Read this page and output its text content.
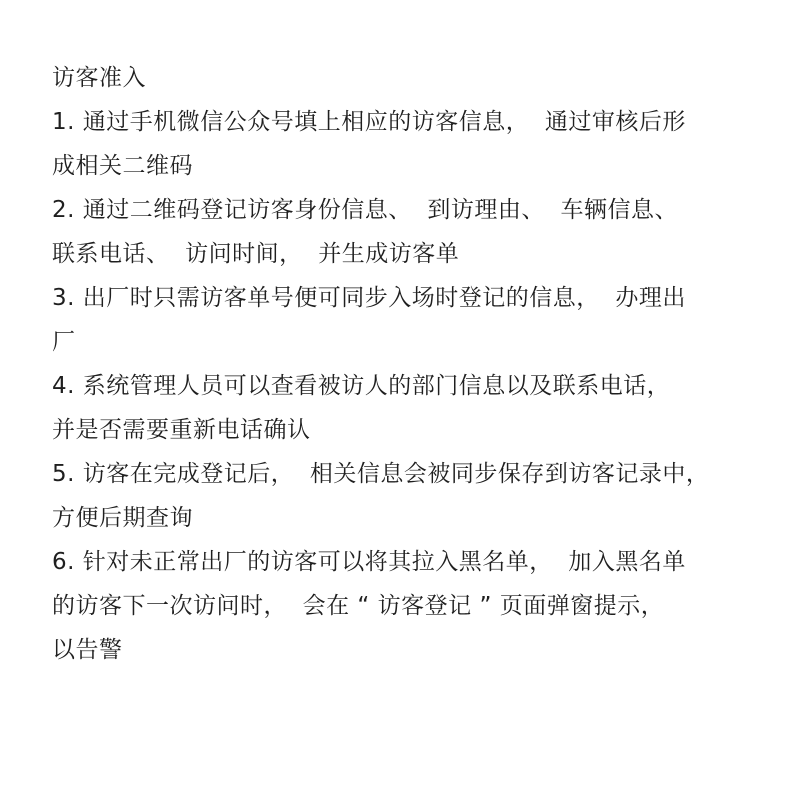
访客准入
1. 通过手机微信公众号填上相应的访客信息，  通过审核后形
成相关二维码
2. 通过二维码登记访客身份信息、  到访理由、  车辆信息、
联系电话、  访问时间，  并生成访客单
3. 出厂时只需访客单号便可同步入场时登记的信息，  办理出
厂
4. 系统管理人员可以查看被访人的部门信息以及联系电话，
并是否需要重新电话确认
5. 访客在完成登记后，  相关信息会被同步保存到访客记录中，
方便后期查询
6. 针对未正常出厂的访客可以将其拉入黑名单，  加入黑名单
的访客下一次访问时，  会在 “ 访客登记 ” 页面弹窗提示，
以告警
